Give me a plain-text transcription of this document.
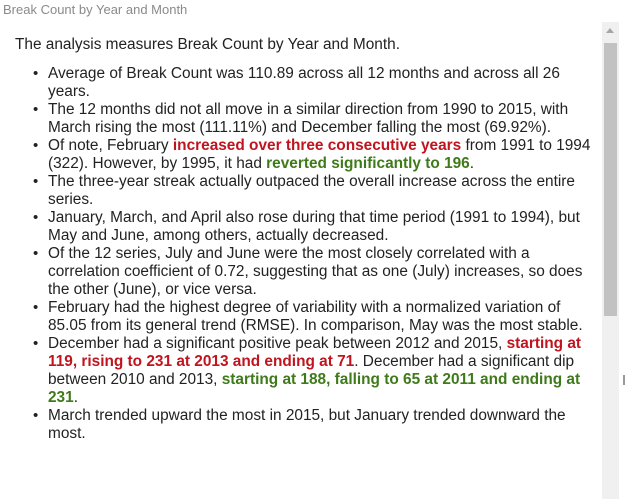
Break Count by Year and Month
The analysis measures Break Count by Year and Month.
• Average of Break Count was 110.89 across all 12 months and across all 26 years.
• The 12 months did not all move in a similar direction from 1990 to 2015, with March rising the most (111.11%) and December falling the most (69.92%).
• Of note, February increased over three consecutive years from 1991 to 1994 (322). However, by 1995, it had reverted significantly to 196.
• The three-year streak actually outpaced the overall increase across the entire series.
• January, March, and April also rose during that time period (1991 to 1994), but May and June, among others, actually decreased.
• Of the 12 series, July and June were the most closely correlated with a correlation coefficient of 0.72, suggesting that as one (July) increases, so does the other (June), or vice versa.
• February had the highest degree of variability with a normalized variation of 85.05 from its general trend (RMSE). In comparison, May was the most stable.
• December had a significant positive peak between 2012 and 2015, starting at 119, rising to 231 at 2013 and ending at 71. December had a significant dip between 2010 and 2013, starting at 188, falling to 65 at 2011 and ending at 231.
• March trended upward the most in 2015, but January trended downward the most.
